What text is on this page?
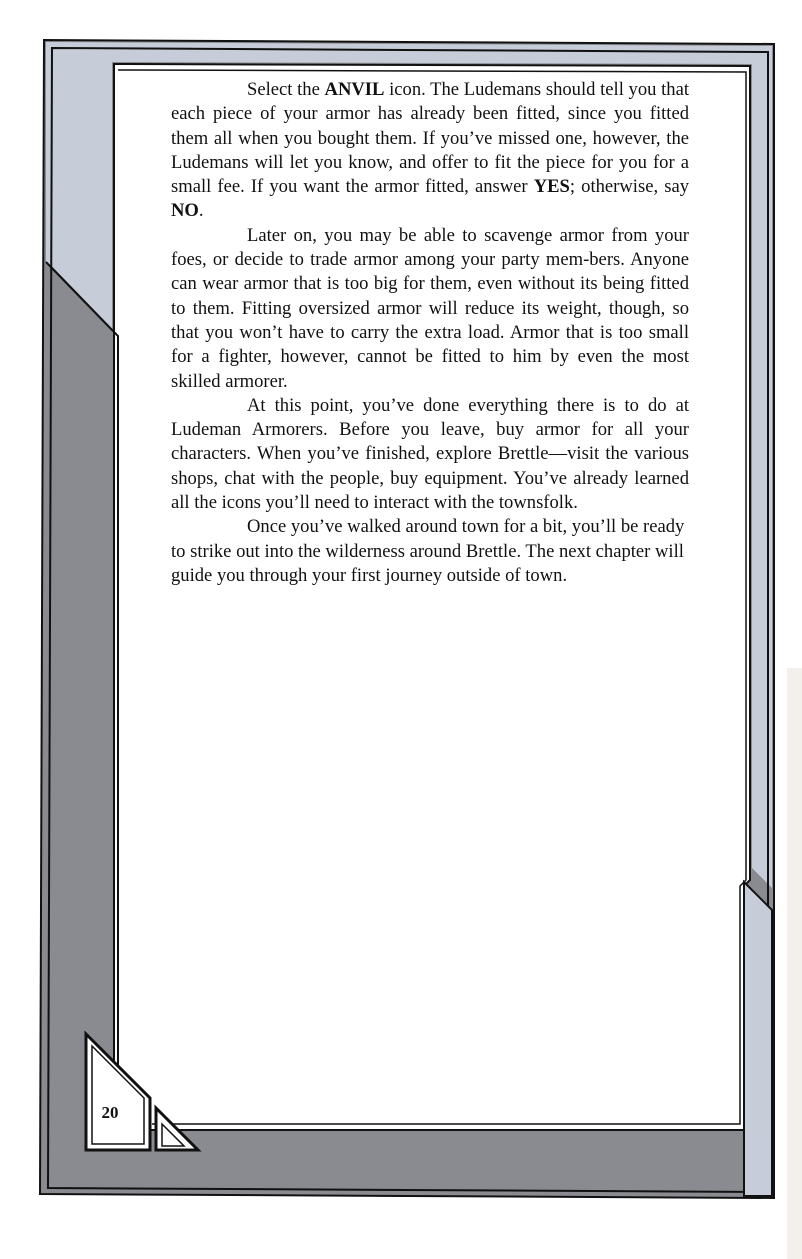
20

Select the ANVIL icon. The Ludemans should tell you that each piece of your armor has already been fitted, since you fitted them all when you bought them. If you’ve missed one, however, the Ludemans will let you know, and offer to fit the piece for you for a small fee. If you want the armor fitted, answer YES; otherwise, say NO.

Later on, you may be able to scavenge armor from your foes, or decide to trade armor among your party mem-bers. Anyone can wear armor that is too big for them, even without its being fitted to them. Fitting oversized armor will reduce its weight, though, so that you won’t have to carry the extra load. Armor that is too small for a fighter, however, cannot be fitted to him by even the most skilled armorer.

At this point, you’ve done everything there is to do at Ludeman Armorers. Before you leave, buy armor for all your characters. When you’ve finished, explore Brettle—visit the various shops, chat with the people, buy equipment. You’ve already learned all the icons you’ll need to interact with the townsfolk.

Once you’ve walked around town for a bit, you’ll be ready to strike out into the wilderness around Brettle. The next chapter will guide you through your first journey outside of town.
